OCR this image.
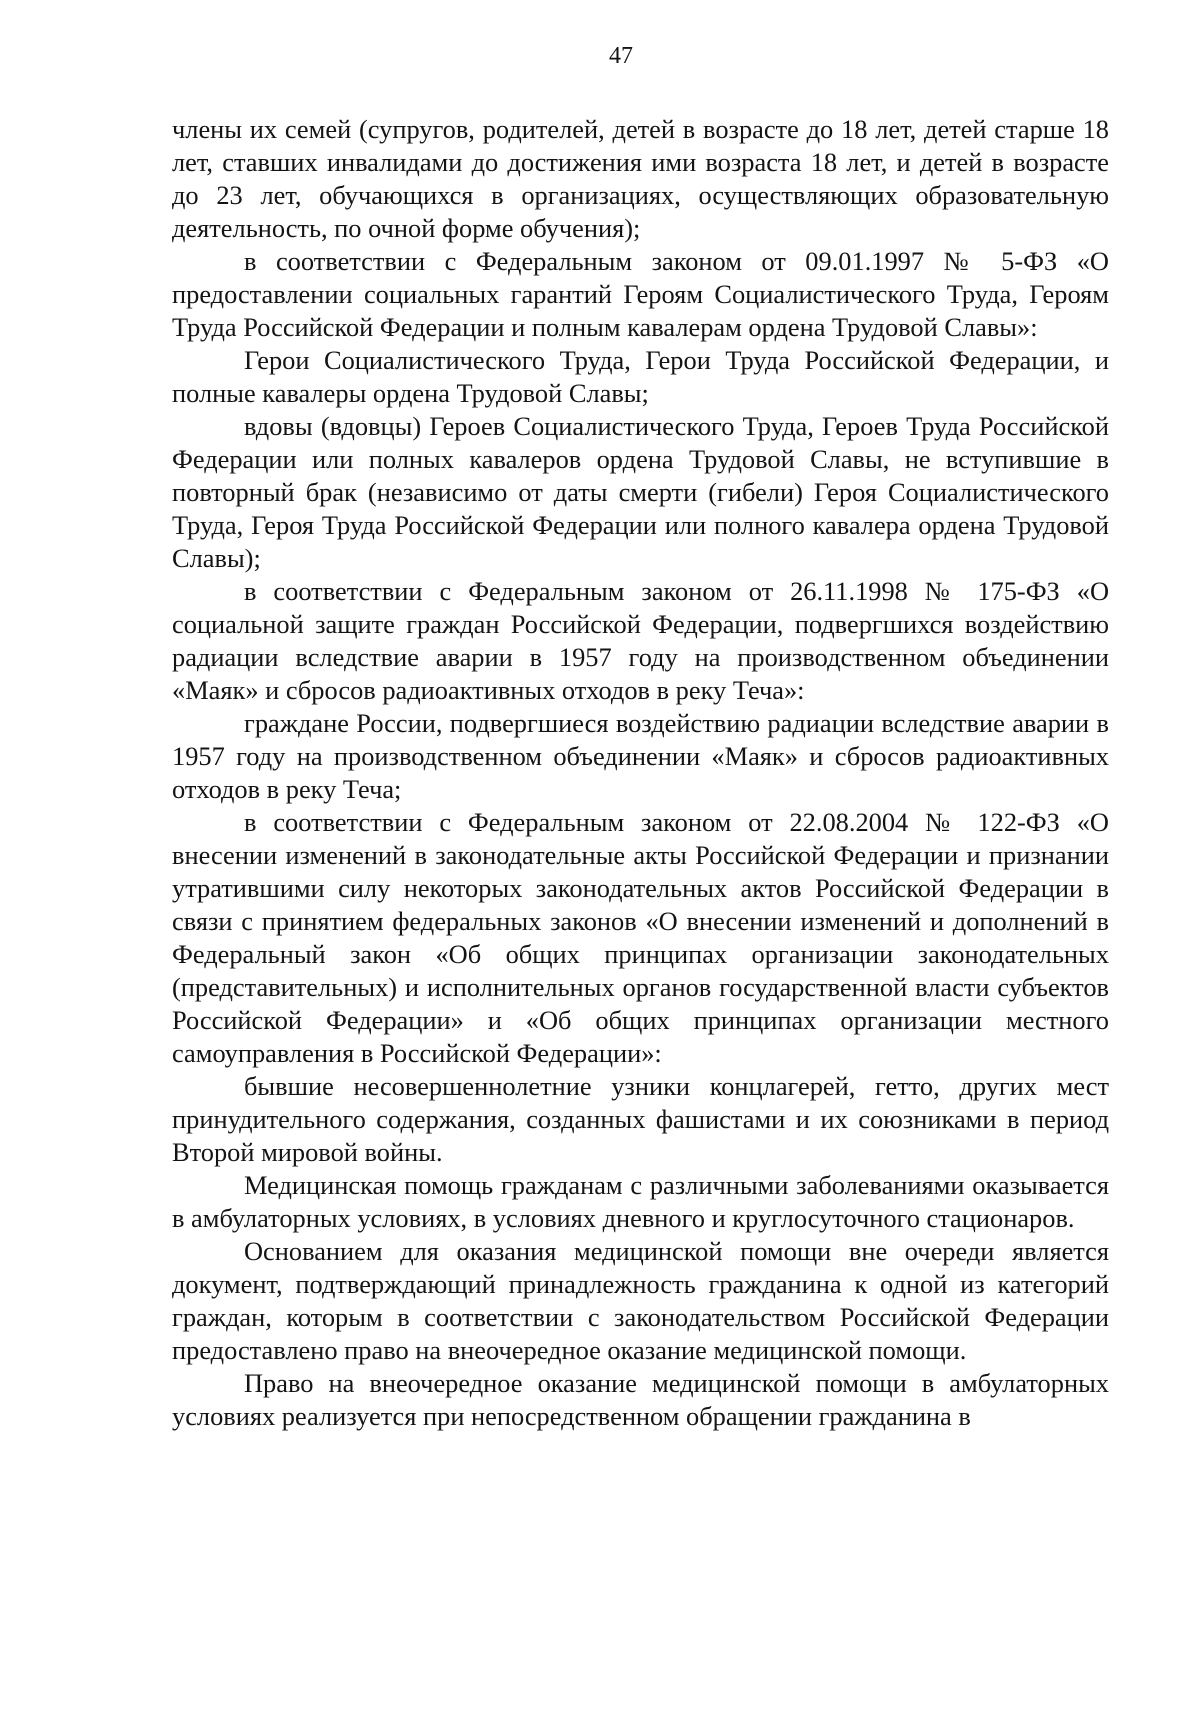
47

члены их семей (супругов, родителей, детей в возрасте до 18 лет, детей старше 18 лет, ставших инвалидами до достижения ими возраста 18 лет, и детей в возрасте до 23 лет, обучающихся в организациях, осуществляющих образовательную деятельность, по очной форме обучения);

в соответствии с Федеральным законом от 09.01.1997 № 5-ФЗ «О предоставлении социальных гарантий Героям Социалистического Труда, Героям Труда Российской Федерации и полным кавалерам ордена Трудовой Славы»:

Герои Социалистического Труда, Герои Труда Российской Федерации, и полные кавалеры ордена Трудовой Славы;

вдовы (вдовцы) Героев Социалистического Труда, Героев Труда Российской Федерации или полных кавалеров ордена Трудовой Славы, не вступившие в повторный брак (независимо от даты смерти (гибели) Героя Социалистического Труда, Героя Труда Российской Федерации или полного кавалера ордена Трудовой Славы);

в соответствии с Федеральным законом от 26.11.1998 № 175-ФЗ «О социальной защите граждан Российской Федерации, подвергшихся воздействию радиации вследствие аварии в 1957 году на производственном объединении «Маяк» и сбросов радиоактивных отходов в реку Теча»:

граждане России, подвергшиеся воздействию радиации вследствие аварии в 1957 году на производственном объединении «Маяк» и сбросов радиоактивных отходов в реку Теча;

в соответствии с Федеральным законом от 22.08.2004 № 122-ФЗ «О внесении изменений в законодательные акты Российской Федерации и признании утратившими силу некоторых законодательных актов Российской Федерации в связи с принятием федеральных законов «О внесении изменений и дополнений в Федеральный закон «Об общих принципах организации законодательных (представительных) и исполнительных органов государственной власти субъектов Российской Федерации» и «Об общих принципах организации местного самоуправления в Российской Федерации»:

бывшие несовершеннолетние узники концлагерей, гетто, других мест принудительного содержания, созданных фашистами и их союзниками в период Второй мировой войны.

Медицинская помощь гражданам с различными заболеваниями оказывается в амбулаторных условиях, в условиях дневного и круглосуточного стационаров.

Основанием для оказания медицинской помощи вне очереди является документ, подтверждающий принадлежность гражданина к одной из категорий граждан, которым в соответствии с законодательством Российской Федерации предоставлено право на внеочередное оказание медицинской помощи.

Право на внеочередное оказание медицинской помощи в амбулаторных условиях реализуется при непосредственном обращении гражданина в
